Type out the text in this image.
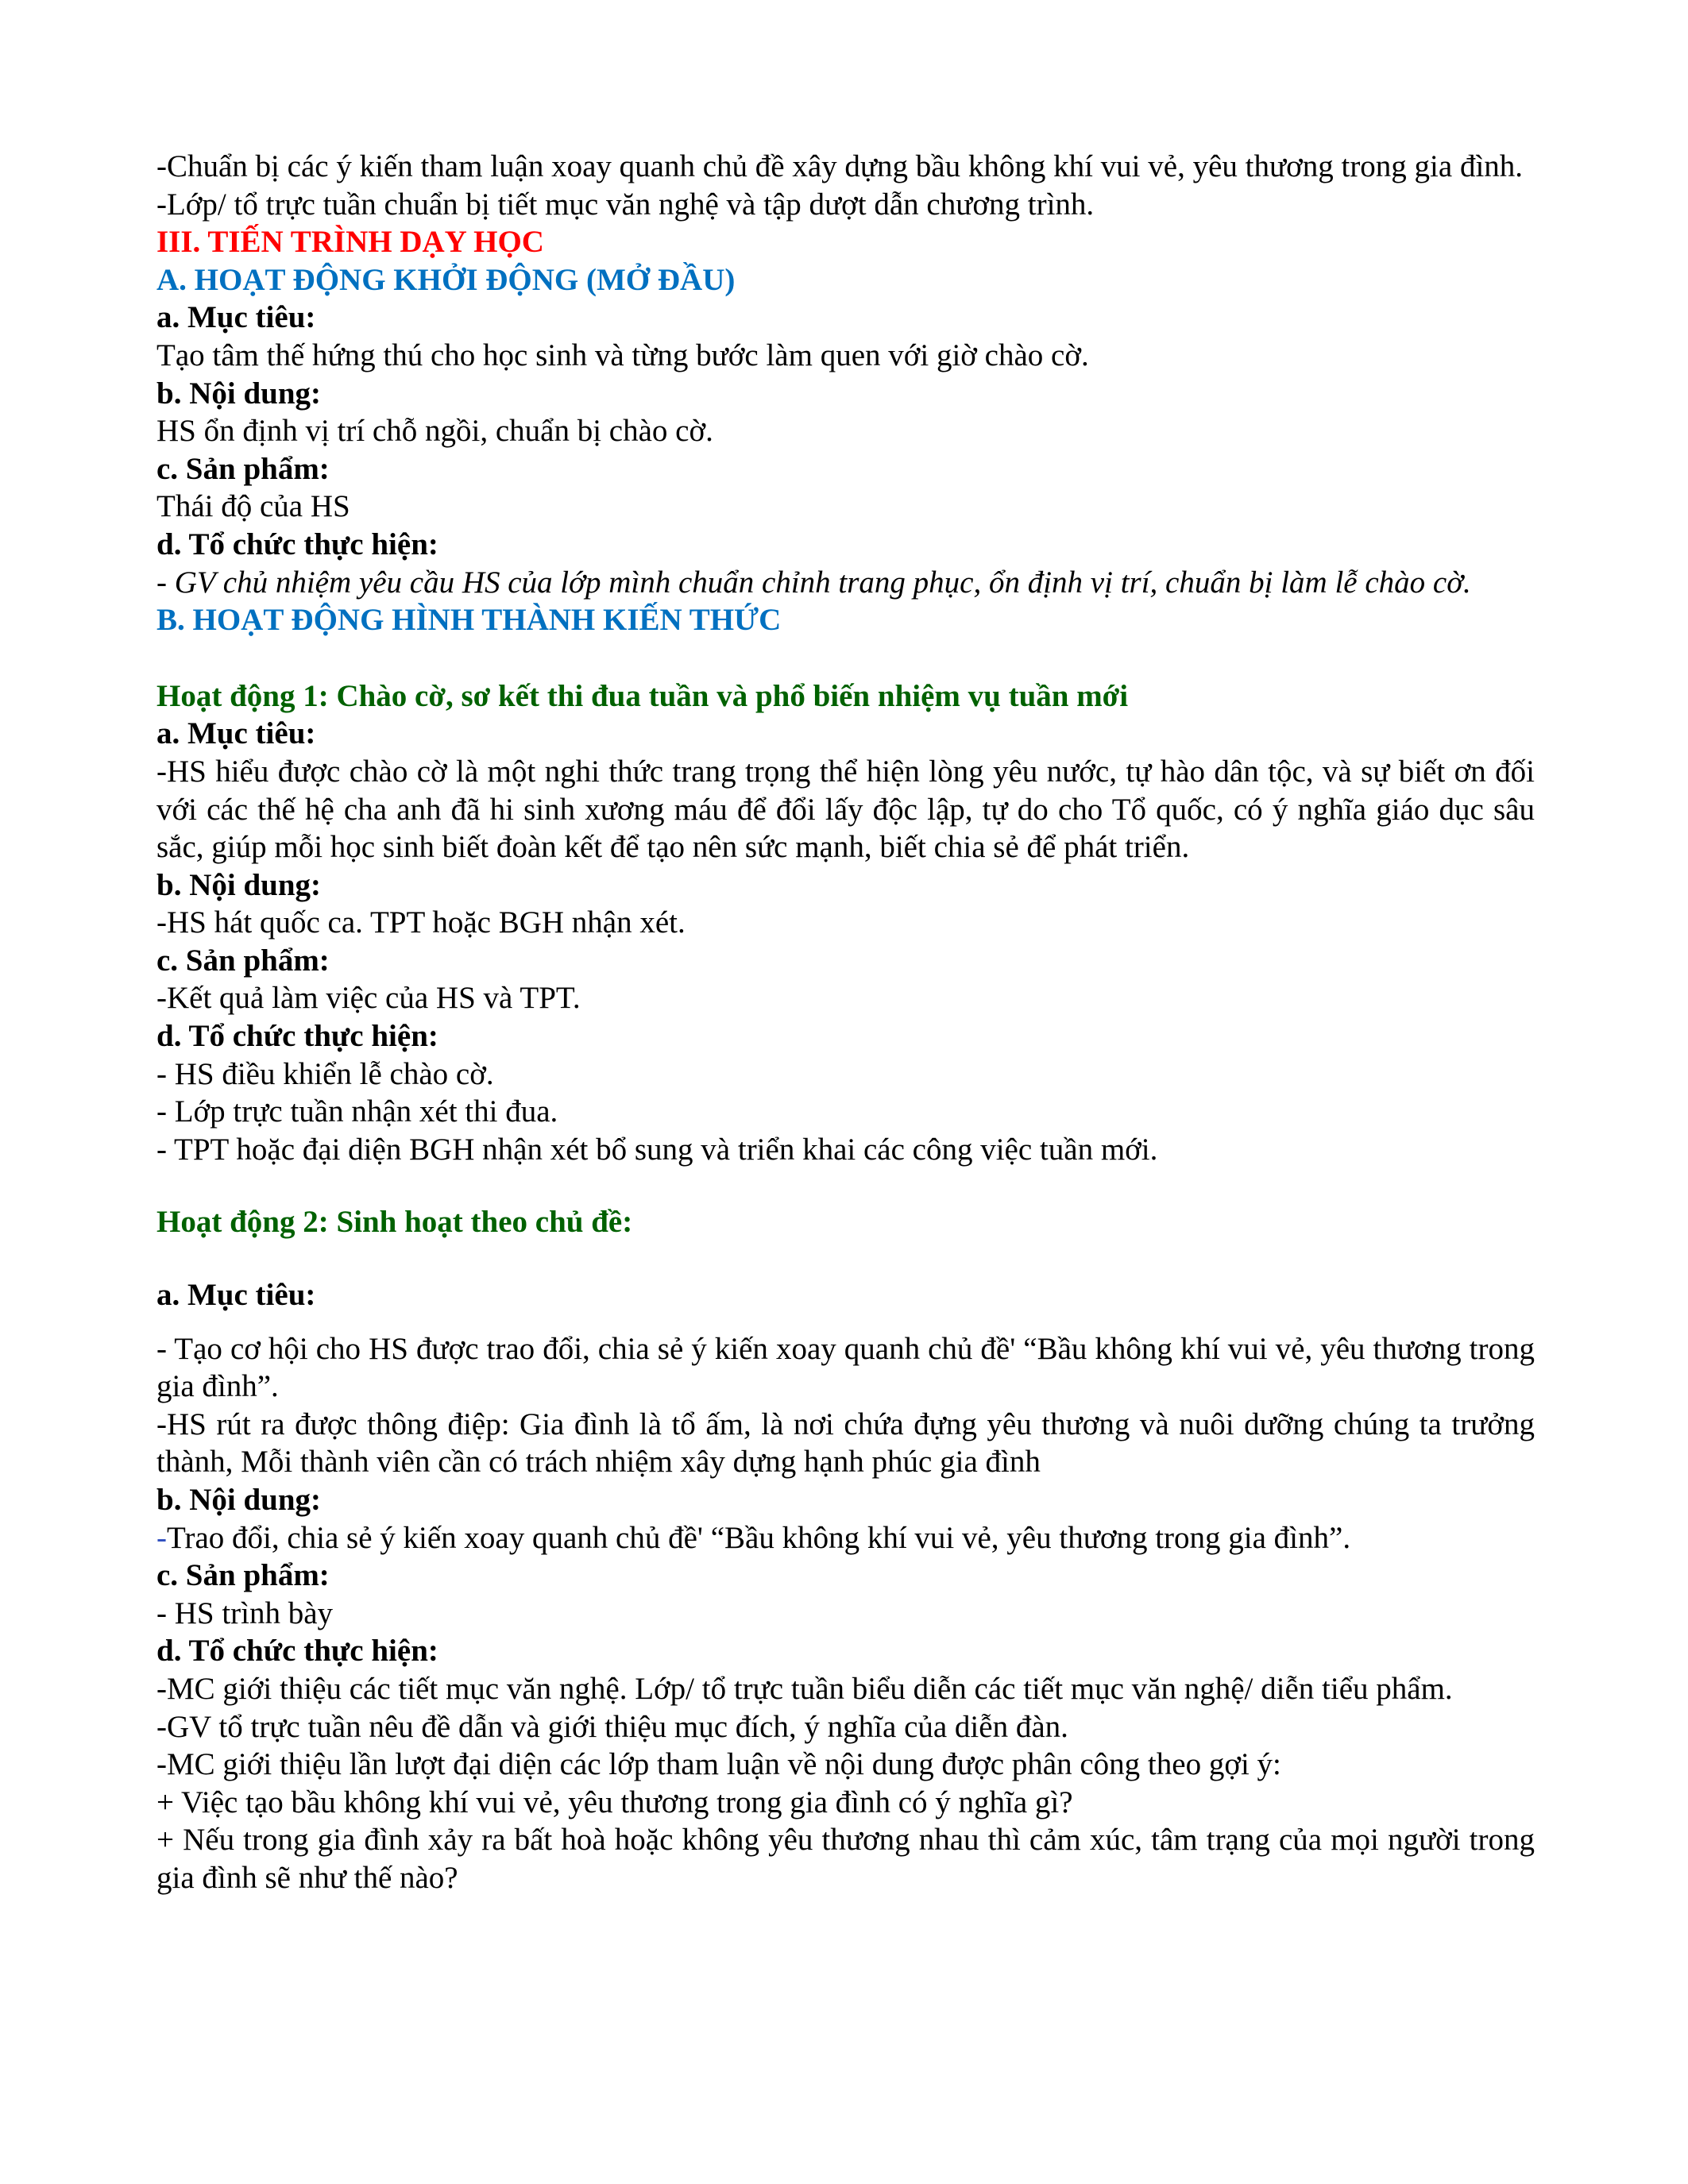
-Chuẩn bị các ý kiến tham luận xoay quanh chủ đề xây dựng bầu không khí vui vẻ, yêu thương trong gia đình.

-Lớp/ tổ trực tuần chuẩn bị tiết mục văn nghệ và tập dượt dẫn chương trình.

III. TIẾN TRÌNH DẠY HỌC

A. HOẠT ĐỘNG KHỞI ĐỘNG (MỞ ĐẦU)

a. Mục tiêu:

Tạo tâm thế hứng thú cho học sinh và từng bước làm quen với giờ chào cờ.

b. Nội dung:

HS ổn định vị trí chỗ ngồi, chuẩn bị chào cờ.

c. Sản phẩm:

Thái độ của HS

d. Tổ chức thực hiện:

- GV chủ nhiệm yêu cầu HS của lớp mình chuẩn chỉnh trang phục, ổn định vị trí, chuẩn bị làm lễ chào cờ.

B. HOẠT ĐỘNG HÌNH THÀNH KIẾN THỨC

Hoạt động 1: Chào cờ, sơ kết thi đua tuần và phổ biến nhiệm vụ tuần mới

a. Mục tiêu:

-HS hiểu được chào cờ là một nghi thức trang trọng thể hiện lòng yêu nước, tự hào dân tộc, và sự biết ơn đối với các thế hệ cha anh đã hi sinh xương máu để đổi lấy độc lập, tự do cho Tổ quốc, có ý nghĩa giáo dục sâu sắc, giúp mỗi học sinh biết đoàn kết để tạo nên sức mạnh, biết chia sẻ để phát triển.

b. Nội dung:

-HS hát quốc ca. TPT hoặc BGH nhận xét.

c. Sản phẩm:

-Kết quả làm việc của HS và TPT.

d. Tổ chức thực hiện:

- HS điều khiển lễ chào cờ.

- Lớp trực tuần nhận xét thi đua.

- TPT hoặc đại diện BGH nhận xét bổ sung và triển khai các công việc tuần mới.

Hoạt động 2: Sinh hoạt theo chủ đề:

a. Mục tiêu:

- Tạo cơ hội cho HS được trao đổi, chia sẻ ý kiến xoay quanh chủ đề' “Bầu không khí vui vẻ, yêu thương trong gia đình”.

-HS rút ra được thông điệp: Gia đình là tổ ấm, là nơi chứa đựng yêu thương và nuôi dưỡng chúng ta trưởng thành, Mỗi thành viên cần có trách nhiệm xây dựng hạnh phúc gia đình

b. Nội dung:

-Trao đổi, chia sẻ ý kiến xoay quanh chủ đề' “Bầu không khí vui vẻ, yêu thương trong gia đình”.

c. Sản phẩm:

- HS trình bày

d. Tổ chức thực hiện:

-MC giới thiệu các tiết mục văn nghệ. Lớp/ tổ trực tuần biểu diễn các tiết mục văn nghệ/ diễn tiểu phẩm.

-GV tổ trực tuần nêu đề dẫn và giới thiệu mục đích, ý nghĩa của diễn đàn.

-MC giới thiệu lần lượt đại diện các lớp tham luận về nội dung được phân công theo gợi ý:

+ Việc tạo bầu không khí vui vẻ, yêu thương trong gia đình có ý nghĩa gì?

+ Nếu trong gia đình xảy ra bất hoà hoặc không yêu thương nhau thì cảm xúc, tâm trạng của mọi người trong gia đình sẽ như thế nào?
